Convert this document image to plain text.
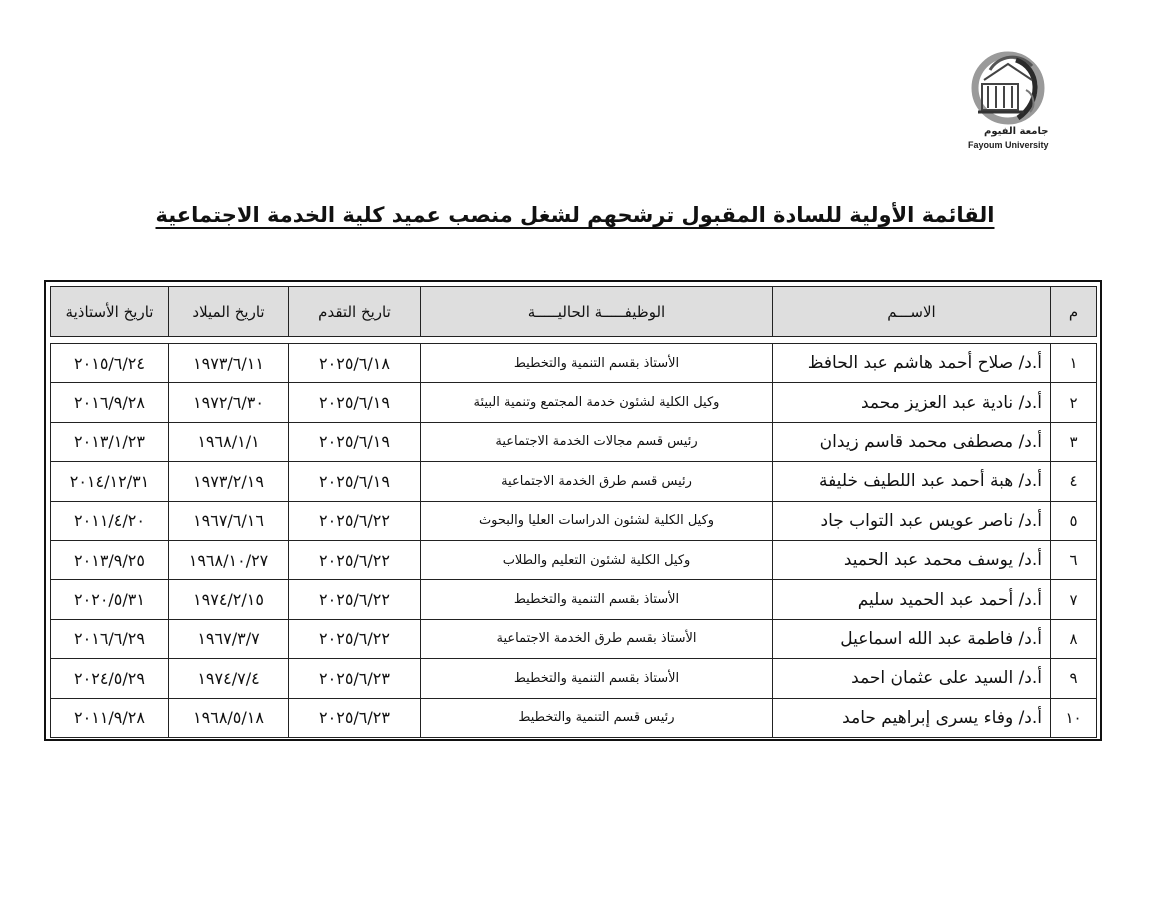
جامعة الفيوم
Fayoum University
القائمة الأولية للسادة المقبول ترشحهم لشغل منصب عميد كلية الخدمة الاجتماعية
م	الاســـم	الوظيفـــــة الحاليـــــة	تاريخ التقدم	تاريخ الميلاد	تاريخ الأستاذية

١	أ.د/ صلاح أحمد هاشم عبد الحافظ	الأستاذ بقسم التنمية والتخطيط	٢٠٢٥/٦/١٨	١٩٧٣/٦/١١	٢٠١٥/٦/٢٤
٢	أ.د/ نادية عبد العزيز محمد	وكيل الكلية لشئون خدمة المجتمع وتنمية البيئة	٢٠٢٥/٦/١٩	١٩٧٢/٦/٣٠	٢٠١٦/٩/٢٨
٣	أ.د/ مصطفى محمد قاسم زيدان	رئيس قسم مجالات الخدمة الاجتماعية	٢٠٢٥/٦/١٩	١٩٦٨/١/١	٢٠١٣/١/٢٣
٤	أ.د/ هبة أحمد عبد اللطيف خليفة	رئيس قسم طرق الخدمة الاجتماعية	٢٠٢٥/٦/١٩	١٩٧٣/٢/١٩	٢٠١٤/١٢/٣١
٥	أ.د/ ناصر عويس عبد التواب جاد	وكيل الكلية لشئون الدراسات العليا والبحوث	٢٠٢٥/٦/٢٢	١٩٦٧/٦/١٦	٢٠١١/٤/٢٠
٦	أ.د/ يوسف محمد عبد الحميد	وكيل الكلية لشئون التعليم والطلاب	٢٠٢٥/٦/٢٢	١٩٦٨/١٠/٢٧	٢٠١٣/٩/٢٥
٧	أ.د/ أحمد عبد الحميد سليم	الأستاذ بقسم التنمية والتخطيط	٢٠٢٥/٦/٢٢	١٩٧٤/٢/١٥	٢٠٢٠/٥/٣١
٨	أ.د/ فاطمة عبد الله اسماعيل	الأستاذ بقسم طرق الخدمة الاجتماعية	٢٠٢٥/٦/٢٢	١٩٦٧/٣/٧	٢٠١٦/٦/٢٩
٩	أ.د/ السيد على عثمان احمد	الأستاذ بقسم التنمية والتخطيط	٢٠٢٥/٦/٢٣	١٩٧٤/٧/٤	٢٠٢٤/٥/٢٩
١٠	أ.د/ وفاء يسرى إبراهيم حامد	رئيس قسم التنمية والتخطيط	٢٠٢٥/٦/٢٣	١٩٦٨/٥/١٨	٢٠١١/٩/٢٨
